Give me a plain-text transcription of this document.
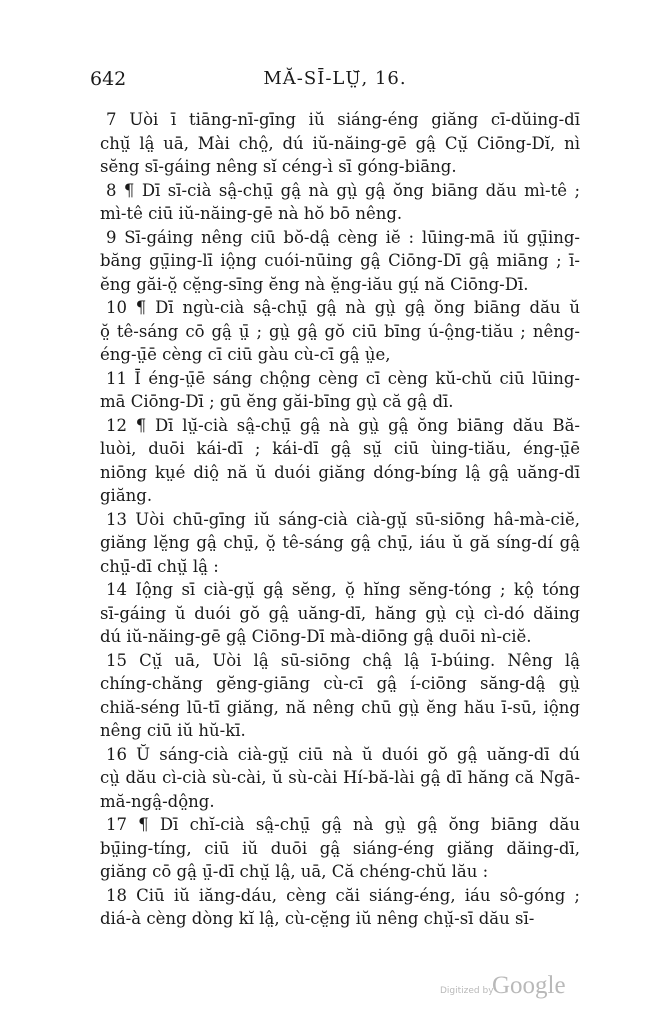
642	MĂ-SĪ-LṲ̆, 16.
7 Uòi ī tiāng-nī-gīng iŭ siáng-éng giăng cī-dŭing-dī
chṳ̆ lâ̤ uā, Mài chô̤, dú iŭ-năing-gē gâ̤ Cṳ̆ Ciōng-Dĭ, nì
sĕng sī-gáing nêng sĭ céng-ì sī góng-biāng.
8 ¶ Dī sī-cià sâ̤-chṳ̄ gâ̤ nà gṳ̀ gâ̤ ŏng biāng dău mì-tê ;
mì-tê ciū iŭ-năing-gē nà hŏ bō nêng.
9 Sī-gáing nêng ciū bŏ-dâ̤ cèng iĕ : lūing-mā iŭ gṳ̄ing-
băng gṳ̄ing-lī iô̤ng cuói-nūing gâ̤ Ciōng-Dī gâ̤ miāng ; ī-
ĕng găi-ŏ̤ cĕ̤ng-sīng ĕng nà ĕ̤ng-iău gṳ́ nă Ciōng-Dī.
10 ¶ Dī ngù-cià sâ̤-chṳ̄ gâ̤ nà gṳ̀ gâ̤ ŏng biāng dău ŭ
ŏ̤ tê-sáng cō gâ̤ ṳ̄ ; gṳ̀ gâ̤ gŏ ciū bīng ú-ô̤ng-tiău ; nêng-
éng-ṳ̄ē cèng cī ciū gàu cù-cī gâ̤ ṳ̀e,
11 Ī éng-ṳ̄ē sáng chô̤ng cèng cī cèng kŭ-chŭ ciū lūing-
mā Ciōng-Dī ; gū ĕng găi-bīng gṳ̀ că gâ̤ dī.
12 ¶ Dī lṳ̆-cià sâ̤-chṳ̄ gâ̤ nà gṳ̀ gâ̤ ŏng biāng dău Bă-
luòi, duōi kái-dī ; kái-dī gâ̤ sṳ̆ ciū ùing-tiău, éng-ṳ̄ē
niōng kṳé diô̤ nă ŭ duói giăng dóng-bíng lâ̤ gâ̤ uăng-dī
giăng.
13 Uòi chū-gīng iŭ sáng-cià cià-gṳ̆ sū-siōng hâ-mà-ciĕ,
giăng lĕ̤ng gâ̤ chṳ̄, ŏ̤ tê-sáng gâ̤ chṳ̄, iáu ŭ gă síng-dí gâ̤
chṳ̄-dī chṳ̆ lâ̤ :
14 Iô̤ng sī cià-gṳ̆ gâ̤ sĕng, ŏ̤ hĭng sĕng-tóng ; kô̤ tóng
sī-gáing ŭ duói gŏ gâ̤ uăng-dī, hăng gṳ̀ cṳ̀ cì-dó dăing
dú iŭ-năing-gē gâ̤ Ciōng-Dī mà-diōng gâ̤ duōi nì-ciĕ.
15 Cṳ̆ uā, Uòi lâ̤ sū-siōng châ̤ lâ̤ ī-búing. Nêng lâ̤
chíng-chăng gĕng-giāng cù-cī gâ̤ í-ciōng săng-dâ̤ gṳ̀
chiă-séng lū-tī giăng, nă nêng chū gṳ̀ ĕng hău ī-sū, iô̤ng
nêng ciū iŭ hŭ-kī.
16 Ŭ sáng-cià cià-gṳ̆ ciū nà ŭ duói gŏ gâ̤ uăng-dī dú
cṳ̀ dău cì-cià sù-cài, ŭ sù-cài Hí-bă-lài gâ̤ dī hăng că Ngā-
mă-ngâ̤-dô̤ng.
17 ¶ Dī chĭ-cià sâ̤-chṳ̄ gâ̤ nà gṳ̀ gâ̤ ŏng biāng dău
bṳ̄ing-tíng, ciū iŭ duōi gâ̤ siáng-éng giăng dăing-dī,
giăng cō gâ̤ ṳ̄-dī chṳ̆ lâ̤, uā, Că chéng-chŭ lău :
18 Ciū iŭ iăng-dáu, cèng căi siáng-éng, iáu sô-góng ;
diá-à cèng dòng kĭ lâ̤, cù-cĕ̤ng iŭ nêng chṳ̆-sī dău sī-
Digitized by
Google
